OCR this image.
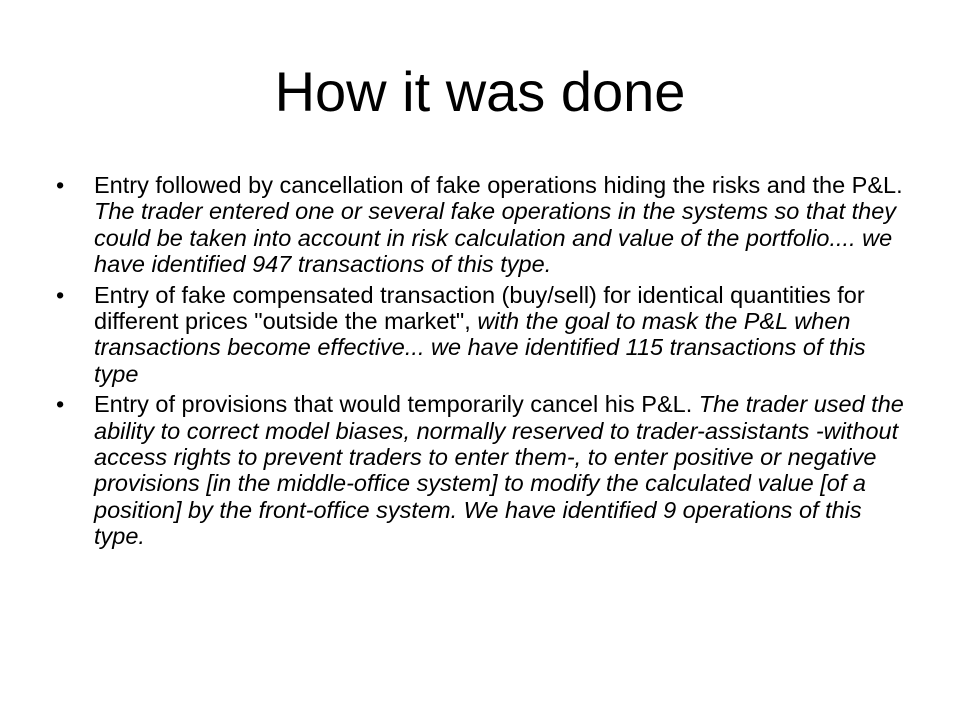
How it was done
•	Entry followed by cancellation of fake operations hiding the risks and the P&L. The trader entered one or several fake operations in the systems so that they could be taken into account in risk calculation and value of the portfolio.... we have identified 947 transactions of this type.
•	Entry of fake compensated transaction (buy/sell) for identical quantities for different prices "outside the market", with the goal to mask the P&L when transactions become effective... we have identified 115 transactions of this type
•	Entry of provisions that would temporarily cancel his P&L. The trader used the ability to correct model biases, normally reserved to trader-assistants -without access rights to prevent traders to enter them-, to enter positive or negative provisions [in the middle-office system] to modify the calculated value [of a position] by the front-office system. We have identified 9 operations of this type.
